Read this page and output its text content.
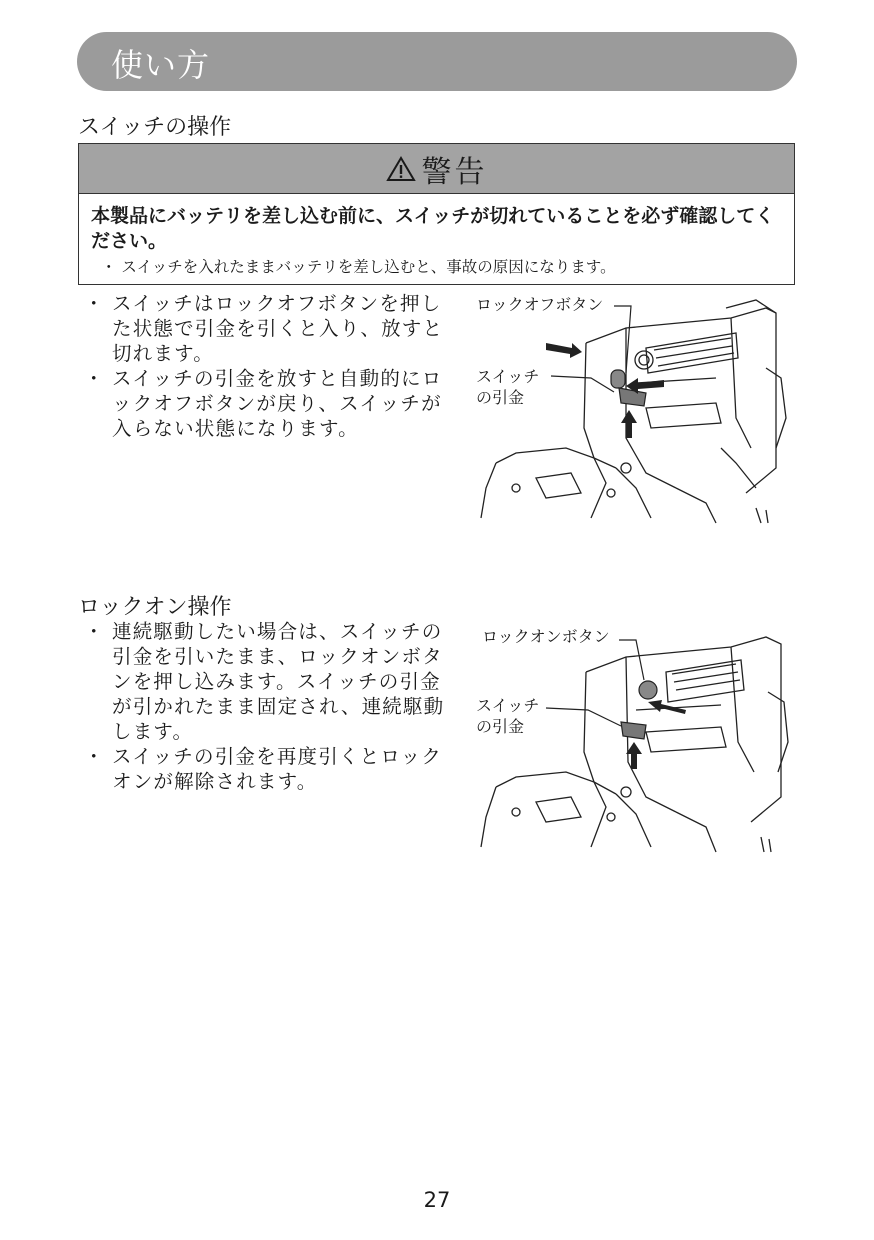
使い方
スイッチの操作
警告
本製品にバッテリを差し込む前に、スイッチが切れていることを必ず確認してください。
・ スイッチを入れたままバッテリを差し込むと、事故の原因になります。
・ スイッチはロックオフボタンを押した状態で引金を引くと入り、放すと切れます。
・ スイッチの引金を放すと自動的にロックオフボタンが戻り、スイッチが入らない状態になります。
ロックオフボタン
スイッチ
の引金
ロックオン操作
・ 連続駆動したい場合は、スイッチの引金を引いたまま、ロックオンボタンを押し込みます。スイッチの引金が引かれたまま固定され、連続駆動します。
・ スイッチの引金を再度引くとロックオンが解除されます。
ロックオンボタン
スイッチ
の引金
27
